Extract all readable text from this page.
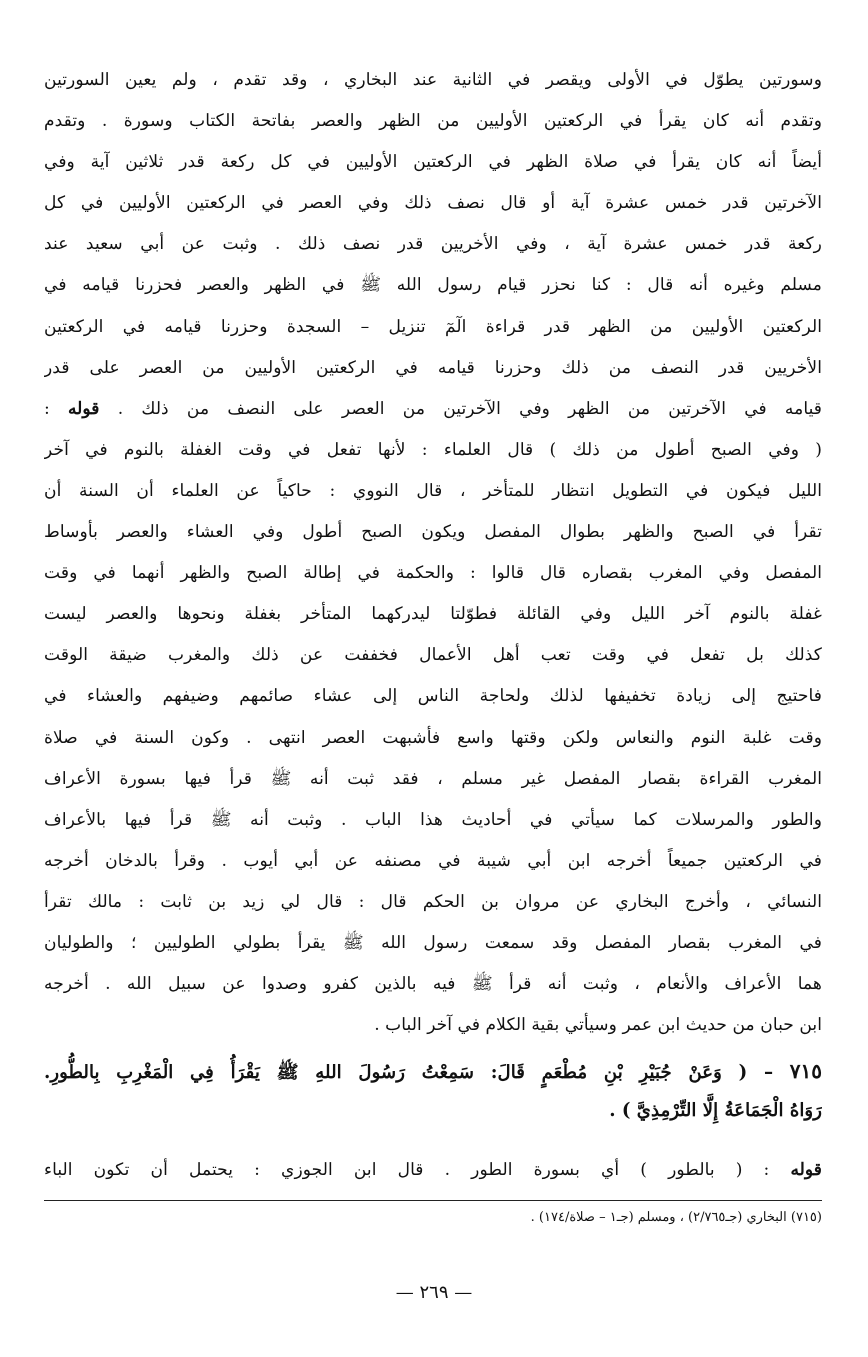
وسورتين يطوّل في الأولى ويقصر في الثانية عند البخاري ، وقد تقدم ، ولم يعين السورتين
وتقدم أنه كان يقرأ في الركعتين الأوليين من الظهر والعصر بفاتحة الكتاب وسورة . وتقدم
أيضاً أنه كان يقرأ في صلاة الظهر في الركعتين الأوليين في كل ركعة قدر ثلاثين آية وفي
الآخرتين قدر خمس عشرة آية أو قال نصف ذلك وفي العصر في الركعتين الأوليين في كل
ركعة قدر خمس عشرة آية ، وفي الأخريين قدر نصف ذلك . وثبت عن أبي سعيد عند
مسلم وغيره أنه قال : كنا نحزر قيام رسول الله ﷺ في الظهر والعصر فحزرنا قيامه في
الركعتين الأوليين من الظهر قدر قراءة الٓمٓ تنزيل – السجدة وحزرنا قيامه في الركعتين
الأخريين قدر النصف من ذلك وحزرنا قيامه في الركعتين الأوليين من العصر على قدر
قيامه في الآخرتين من الظهر وفي الآخرتين من العصر على النصف من ذلك . قوله :
( وفي الصبح أطول من ذلك ) قال العلماء : لأنها تفعل في وقت الغفلة بالنوم في آخر
الليل فيكون في التطويل انتظار للمتأخر ، قال النووي : حاكياً عن العلماء أن السنة أن
تقرأ في الصبح والظهر بطوال المفصل ويكون الصبح أطول وفي العشاء والعصر بأوساط
المفصل وفي المغرب بقصاره قال قالوا : والحكمة في إطالة الصبح والظهر أنهما في وقت
غفلة بالنوم آخر الليل وفي القائلة فطوّلتا ليدركهما المتأخر بغفلة ونحوها والعصر ليست
كذلك بل تفعل في وقت تعب أهل الأعمال فخففت عن ذلك والمغرب ضيقة الوقت
فاحتيج إلى زيادة تخفيفها لذلك ولحاجة الناس إلى عشاء صائمهم وضيفهم والعشاء في
وقت غلبة النوم والنعاس ولكن وقتها واسع فأشبهت العصر انتهى . وكون السنة في صلاة
المغرب القراءة بقصار المفصل غير مسلم ، فقد ثبت أنه ﷺ قرأ فيها بسورة الأعراف
والطور والمرسلات كما سيأتي في أحاديث هذا الباب . وثبت أنه ﷺ قرأ فيها بالأعراف
في الركعتين جميعاً أخرجه ابن أبي شيبة في مصنفه عن أبي أيوب . وقرأ بالدخان أخرجه
النسائي ، وأخرج البخاري عن مروان بن الحكم قال : قال لي زيد بن ثابت : مالك تقرأ
في المغرب بقصار المفصل وقد سمعت رسول الله ﷺ يقرأ بطولي الطوليين ؛ والطوليان
هما الأعراف والأنعام ، وثبت أنه قرأ ﷺ فيه بالذين كفرو وصدوا عن سبيل الله . أخرجه
ابن حبان من حديث ابن عمر وسيأتي بقية الكلام في آخر الباب .
٧١٥ – ( وَعَنْ جُبَيْرِ بْنِ مُطْعَمٍ قَالَ: سَمِعْتُ رَسُولَ اللهِ ﷺ يَقْرَأُ فِي الْمَغْرِبِ بِالطُّورِ.
رَوَاهُ الْجَمَاعَةُ إِلَّا التِّرْمِذِيَّ ) .
قوله : ( بالطور ) أي بسورة الطور . قال ابن الجوزي : يحتمل أن تكون الباء
(٧١٥) البخاري (جـ٢/٧٦٥) ، ومسلم (جـ١ – صلاة/١٧٤) .
— ٢٦٩ —
